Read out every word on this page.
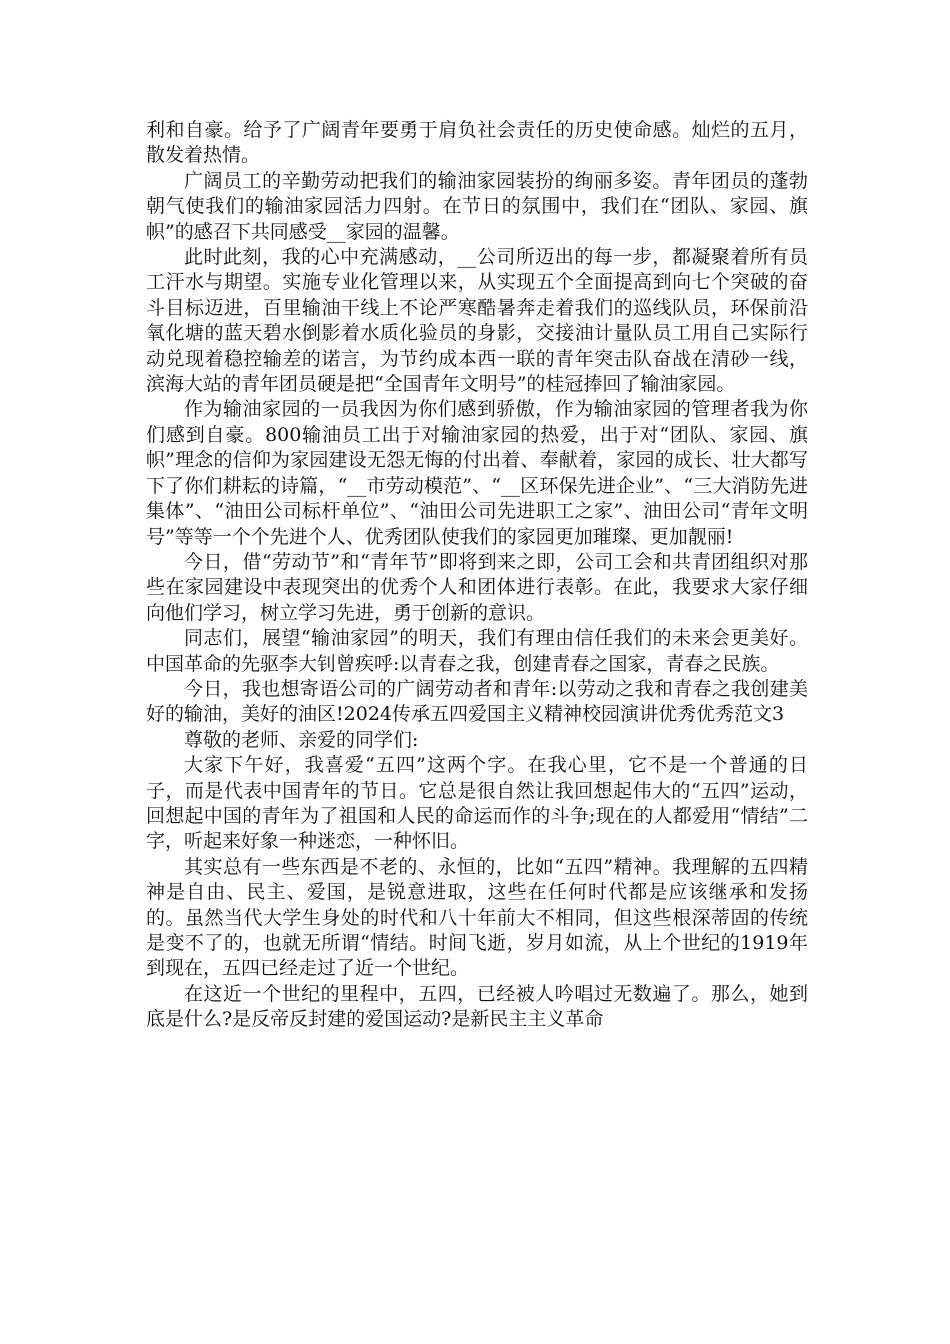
利和自豪。给予了广阔青年要勇于肩负社会责任的历史使命感。灿烂的五月，散发着热情。

广阔员工的辛勤劳动把我们的输油家园装扮的绚丽多姿。青年团员的蓬勃朝气使我们的输油家园活力四射。在节日的氛围中，我们在“团队、家园、旗帜”的感召下共同感受__家园的温馨。

此时此刻，我的心中充满感动，__公司所迈出的每一步，都凝聚着所有员工汗水与期望。实施专业化管理以来，从实现五个全面提高到向七个突破的奋斗目标迈进，百里输油干线上不论严寒酷暑奔走着我们的巡线队员，环保前沿氧化塘的蓝天碧水倒影着水质化验员的身影，交接油计量队员工用自己实际行动兑现着稳控输差的诺言，为节约成本西一联的青年突击队奋战在清砂一线，滨海大站的青年团员硬是把“全国青年文明号”的桂冠捧回了输油家园。

作为输油家园的一员我因为你们感到骄傲，作为输油家园的管理者我为你们感到自豪。800输油员工出于对输油家园的热爱，出于对“团队、家园、旗帜”理念的信仰为家园建设无怨无悔的付出着、奉献着，家园的成长、壮大都写下了你们耕耘的诗篇，“__市劳动模范”、“__区环保先进企业”、“三大消防先进集体”、“油田公司标杆单位”、“油田公司先进职工之家”、油田公司“青年文明号”等等一个个先进个人、优秀团队使我们的家园更加璀璨、更加靓丽!

今日，借“劳动节”和“青年节”即将到来之即，公司工会和共青团组织对那些在家园建设中表现突出的优秀个人和团体进行表彰。在此，我要求大家仔细向他们学习，树立学习先进，勇于创新的意识。

同志们，展望“输油家园”的明天，我们有理由信任我们的未来会更美好。中国革命的先驱李大钊曾疾呼:以青春之我，创建青春之国家，青春之民族。

今日，我也想寄语公司的广阔劳动者和青年:以劳动之我和青春之我创建美好的输油，美好的油区!2024传承五四爱国主义精神校园演讲优秀优秀范文3

尊敬的老师、亲爱的同学们:

大家下午好，我喜爱“五四”这两个字。在我心里，它不是一个普通的日子，而是代表中国青年的节日。它总是很自然让我回想起伟大的“五四”运动，回想起中国的青年为了祖国和人民的命运而作的斗争;现在的人都爱用“情结”二字，听起来好象一种迷恋，一种怀旧。

其实总有一些东西是不老的、永恒的，比如“五四”精神。我理解的五四精神是自由、民主、爱国，是锐意进取，这些在任何时代都是应该继承和发扬的。虽然当代大学生身处的时代和八十年前大不相同，但这些根深蒂固的传统是变不了的，也就无所谓“情结。时间飞逝，岁月如流，从上个世纪的1919年到现在，五四已经走过了近一个世纪。

在这近一个世纪的里程中，五四，已经被人吟唱过无数遍了。那么，她到底是什么?是反帝反封建的爱国运动?是新民主主义革命
